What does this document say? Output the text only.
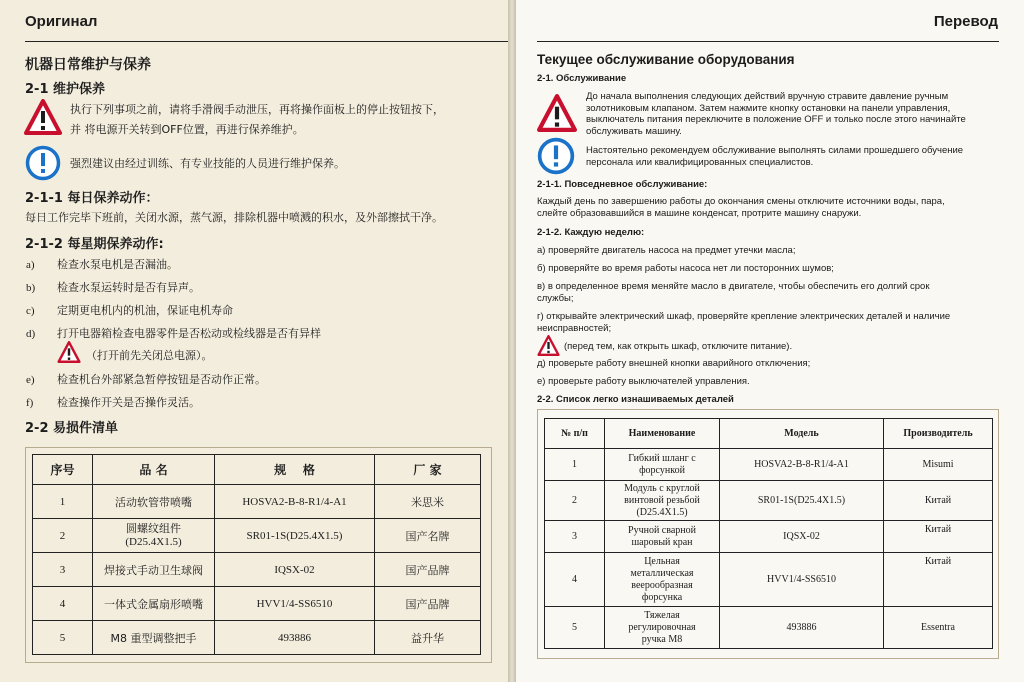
Оригинал
机器日常维护与保养
2-1 维护保养
执行下列事项之前，请将手滑阀手动泄压，再将操作面板上的停止按钮按下，
并 将电源开关转到OFF位置，再进行保养维护。
强烈建议由经过训练、有专业技能的人员进行维护保养。
2-1-1 每日保养动作：
每日工作完毕下班前，关闭水源，蒸气源，排除机器中喷溅的积水，及外部擦拭干净。
2-1-2 每星期保养动作:
a) 检查水泵电机是否漏油。
b) 检查水泵运转时是否有异声。
c) 定期更电机内的机油，保证电机寿命
d) 打开电器箱检查电器零件是否松动或检线器是否有异样
（打开前先关闭总电源）。
e) 检查机台外部紧急暂停按钮是否动作正常。
f) 检查操作开关是否操作灵活。
2-2 易损件清单
序号	品 名	规    格	厂 家
1	活动软管带喷嘴	HOSVA2-B-8-R1/4-A1	米思米
2	圆螺纹组件
(D25.4X1.5)	SR01-1S(D25.4X1.5)	国产名牌
3	焊接式手动卫生球阀	IQSX-02	国产品牌
4	一体式金属扇形喷嘴	HVV1/4-SS6510	国产品牌
5	M8 重型调整把手	493886	益升华
Перевод
Текущее обслуживание оборудования
2-1. Обслуживание
До начала выполнения следующих действий вручную стравите давление ручным
золотниковым клапаном. Затем нажмите кнопку остановки на панели управления,
выключатель питания переключите в положение OFF и только после этого начинайте
обслуживать машину.
Настоятельно рекомендуем обслуживание выполнять силами прошедшего обучение
персонала или квалифицированных специалистов.
2-1-1. Повседневное обслуживание:
Каждый день по завершению работы до окончания смены отключите источники воды, пара,
слейте образовавшийся в машине конденсат, протрите машину снаружи.
2-1-2. Каждую неделю:
а) проверяйте двигатель насоса на предмет утечки масла;
б) проверяйте во время работы насоса нет ли посторонних шумов;
в) в определенное время меняйте масло в двигателе, чтобы обеспечить его долгий срок
службы;
г) открывайте электрический шкаф, проверяйте крепление электрических деталей и наличие
неисправностей;
(перед тем, как открыть шкаф, отключите питание).
д) проверьте работу внешней кнопки аварийного отключения;
е) проверьте работу выключателей управления.
2-2. Список легко изнашиваемых деталей
№ п/п	Наименование	Модель	Производитель
1	Гибкий шланг с
форсункой	HOSVA2-B-8-R1/4-A1	Misumi
2	Модуль с круглой
винтовой резьбой
(D25.4X1.5)	SR01-1S(D25.4X1.5)	Китай
3	Ручной сварной
шаровый кран	IQSX-02	Китай
4	Цельная
металлическая
веерообразная
форсунка	HVV1/4-SS6510	Китай
5	Тяжелая
регулировочная
ручка M8	493886	Essentra
